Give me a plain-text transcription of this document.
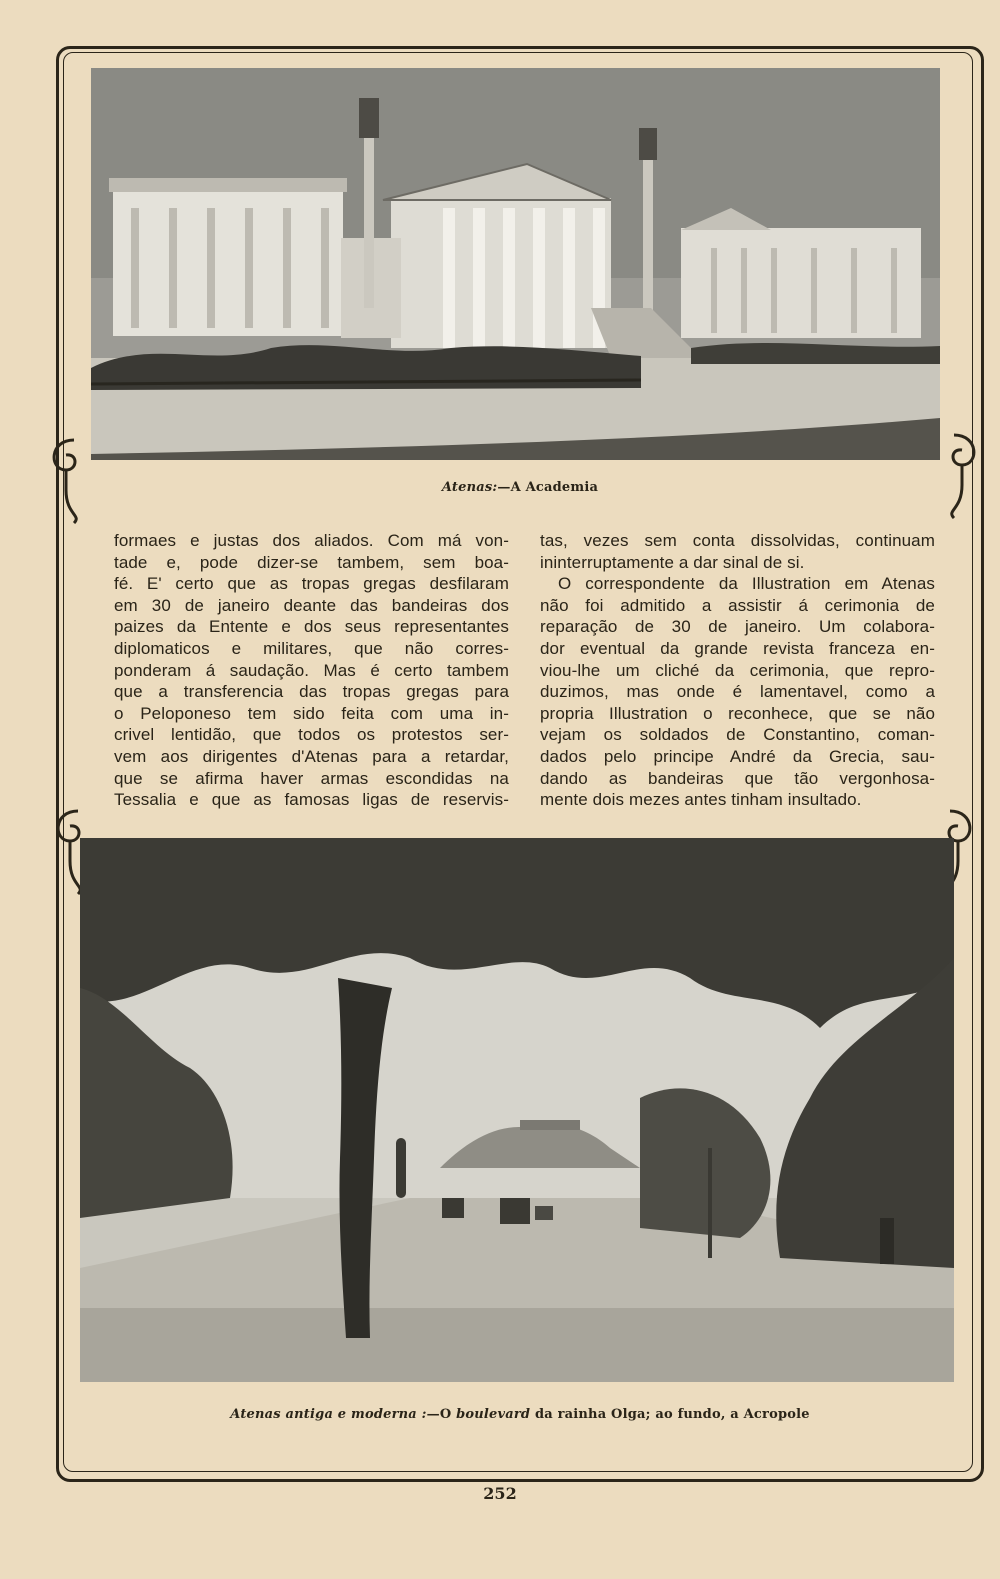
Atenas:—A Academia
formaes e justas dos aliados. Com má von-
tade e, pode dizer-se tambem, sem boa-
fé. E' certo que as tropas gregas desfilaram
em 30 de janeiro deante das bandeiras dos
paizes da Entente e dos seus representantes
diplomaticos e militares, que não corres-
ponderam á saudação. Mas é certo tambem
que a transferencia das tropas gregas para
o Peloponeso tem sido feita com uma in-
crivel lentidão, que todos os protestos ser-
vem aos dirigentes d'Atenas para a retardar,
que se afirma haver armas escondidas na
Tessalia e que as famosas ligas de reservis-
tas, vezes sem conta dissolvidas, continuam
ininterruptamente a dar sinal de si.
O correspondente da Illustration em Atenas
não foi admitido a assistir á cerimonia de
reparação de 30 de janeiro. Um colabora-
dor eventual da grande revista franceza en-
viou-lhe um cliché da cerimonia, que repro-
duzimos, mas onde é lamentavel, como a
propria Illustration o reconhece, que se não
vejam os soldados de Constantino, coman-
dados pelo principe André da Grecia, sau-
dando as bandeiras que tão vergonhosa-
mente dois mezes antes tinham insultado.
Atenas antiga e moderna :—O boulevard da rainha Olga; ao fundo, a Acropole
252
